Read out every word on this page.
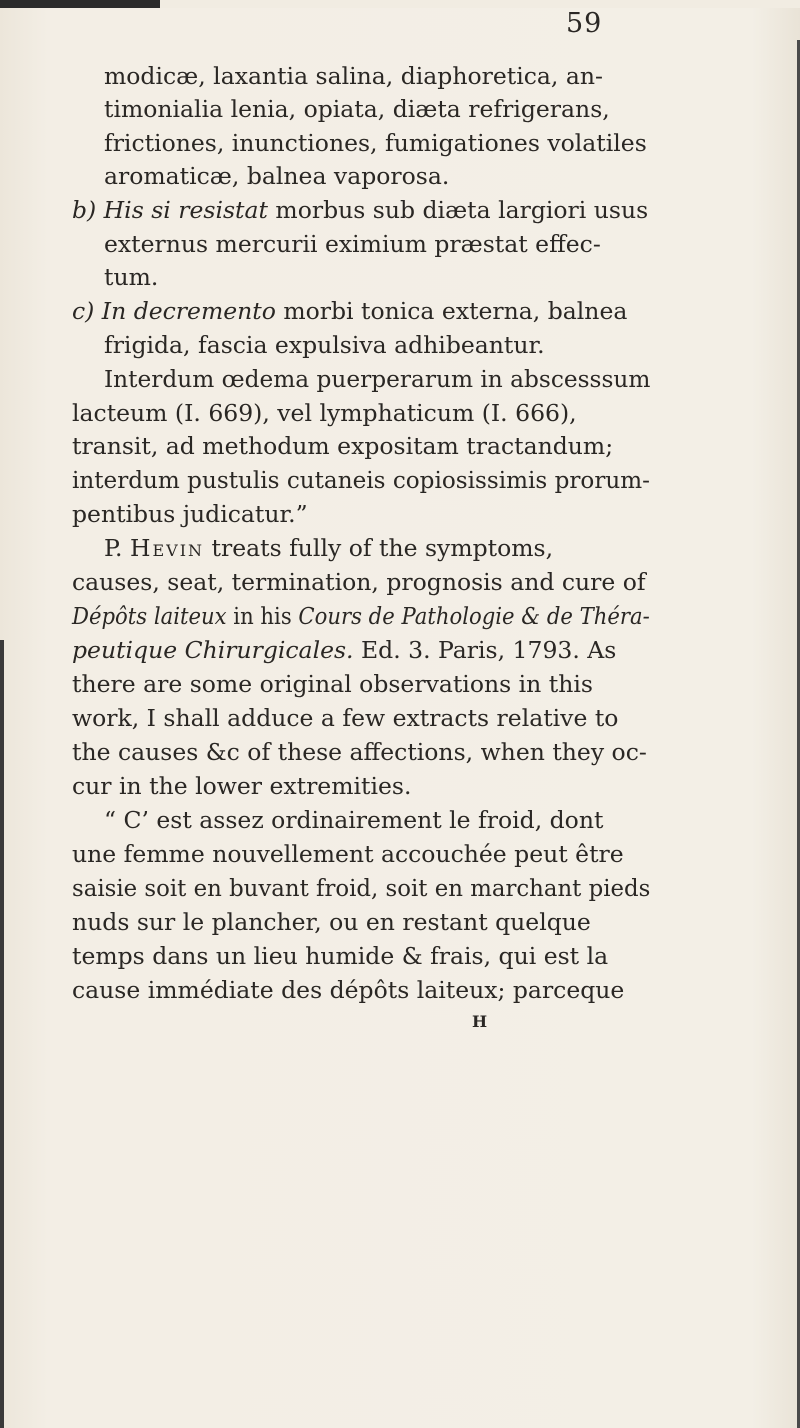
59
modicæ, laxantia salina, diaphoretica, an-
timonialia lenia, opiata, diæta refrigerans,
frictiones, inunctiones, fumigationes volatiles
aromaticæ, balnea vaporosa.
b) His si resistat morbus sub diæta largiori usus
externus mercurii eximium præstat effec-
tum.
c) In decremento morbi tonica externa, balnea
frigida, fascia expulsiva adhibeantur.
Interdum œdema puerperarum in abscesssum
lacteum (I. 669), vel lymphaticum (I. 666),
transit, ad methodum expositam tractandum;
interdum pustulis cutaneis copiosissimis prorum-
pentibus judicatur.”
P. Hevin treats fully of the symptoms,
causes, seat, termination, prognosis and cure of
Dépôts laiteux in his Cours de Pathologie & de Théra-
peutique Chirurgicales. Ed. 3. Paris, 1793. As
there are some original observations in this
work, I shall adduce a few extracts relative to
the causes &c of these affections, when they oc-
cur in the lower extremities.
“ C’ est assez ordinairement le froid, dont
une femme nouvellement accouchée peut être
saisie soit en buvant froid, soit en marchant pieds
nuds sur le plancher, ou en restant quelque
temps dans un lieu humide & frais, qui est la
cause immédiate des dépôts laiteux; parceque
H
